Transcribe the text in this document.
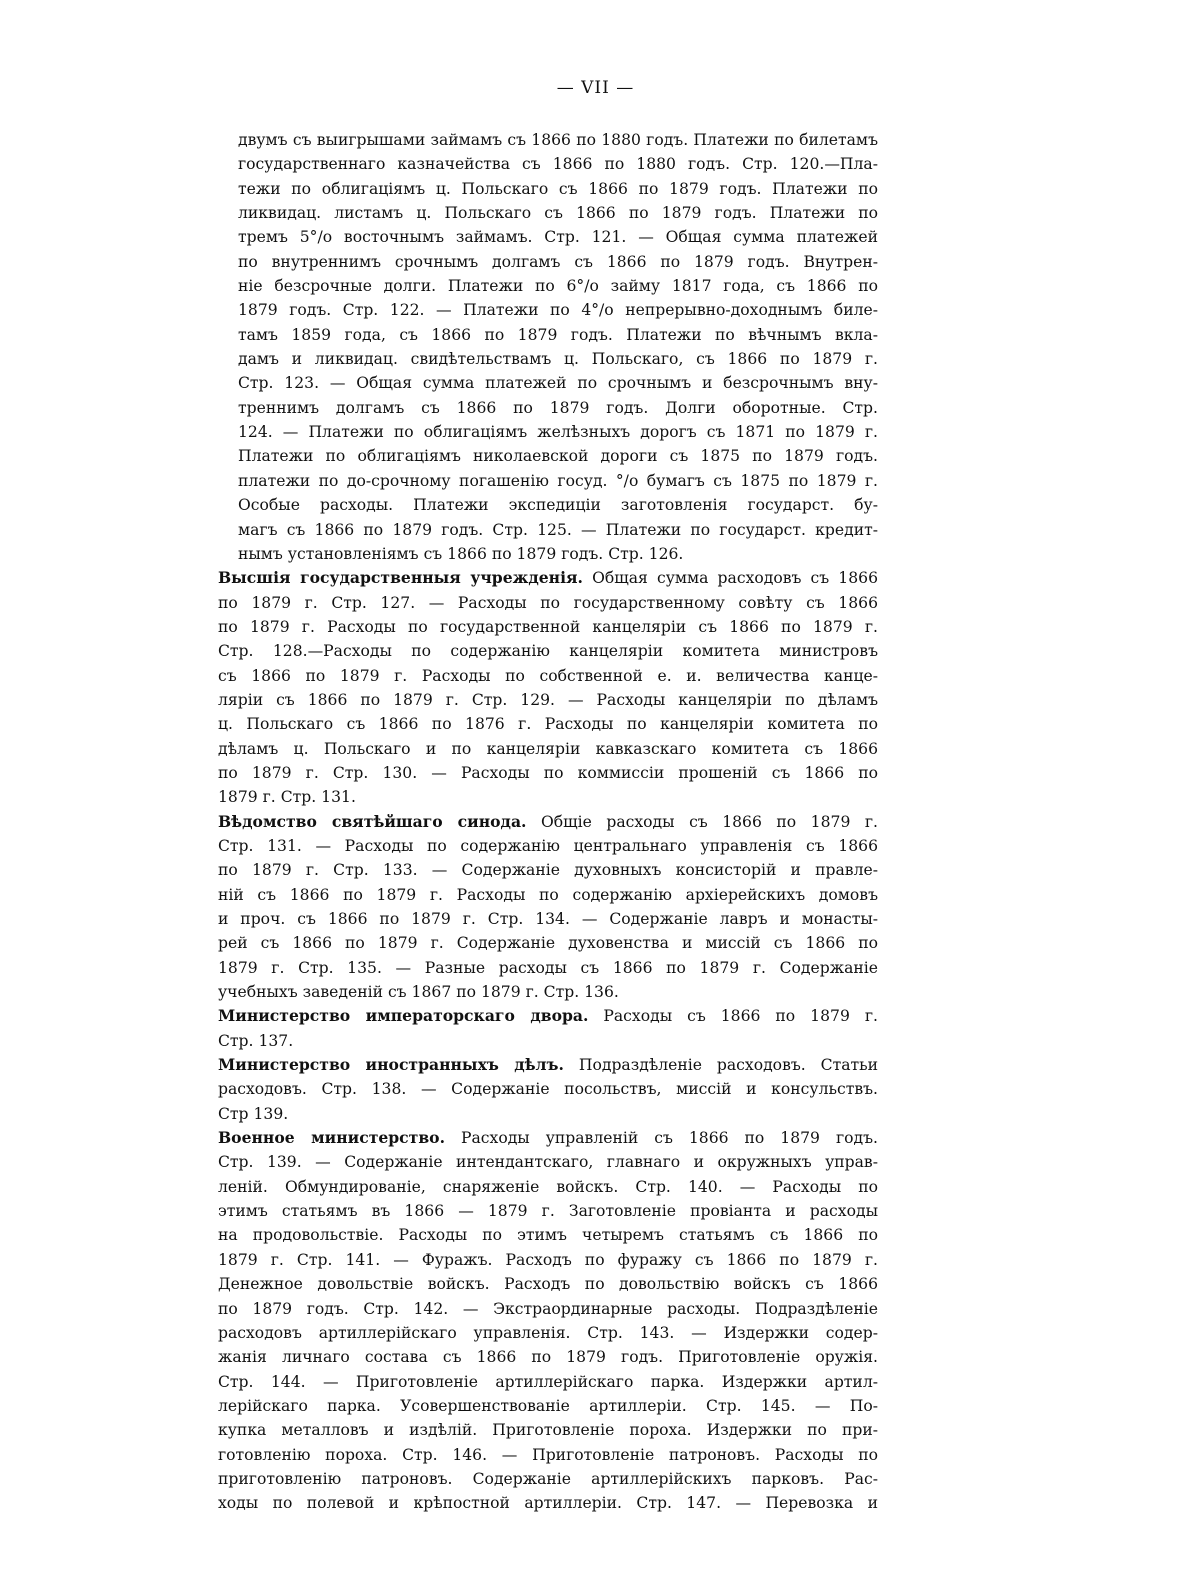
— VII —
двумъ съ выигрышами займамъ съ 1866 по 1880 годъ. Платежи по билетамъ
государственнаго казначейства съ 1866 по 1880 годъ. Стр. 120.—Пла-
тежи по облигаціямъ ц. Польскаго съ 1866 по 1879 годъ. Платежи по
ликвидац. листамъ ц. Польскаго съ 1866 по 1879 годъ. Платежи по
тремъ 5°/о восточнымъ займамъ. Стр. 121. — Общая сумма платежей
по внутреннимъ срочнымъ долгамъ съ 1866 по 1879 годъ. Внутрен-
ніе безсрочные долги. Платежи по 6°/о займу 1817 года, съ 1866 по
1879 годъ. Стр. 122. — Платежи по 4°/о непрерывно-доходнымъ биле-
тамъ 1859 года, съ 1866 по 1879 годъ. Платежи по вѣчнымъ вкла-
дамъ и ликвидац. свидѣтельствамъ ц. Польскаго, съ 1866 по 1879 г.
Стр. 123. — Общая сумма платежей по срочнымъ и безсрочнымъ вну-
треннимъ долгамъ съ 1866 по 1879 годъ. Долги оборотные. Стр.
124. — Платежи по облигаціямъ желѣзныхъ дорогъ съ 1871 по 1879 г.
Платежи по облигаціямъ николаевской дороги съ 1875 по 1879 годъ.
платежи по до-срочному погашенію госуд. °/о бумагъ съ 1875 по 1879 г.
Особые расходы. Платежи экспедиціи заготовленія государст. бу-
магъ съ 1866 по 1879 годъ. Стр. 125. — Платежи по государст. кредит-
нымъ установленіямъ съ 1866 по 1879 годъ. Стр. 126.
Высшія государственныя учрежденія. Общая сумма расходовъ съ 1866
по 1879 г. Стр. 127. — Расходы по государственному совѣту съ 1866
по 1879 г. Расходы по государственной канцеляріи съ 1866 по 1879 г.
Стр. 128.—Расходы по содержанію канцеляріи комитета министровъ
съ 1866 по 1879 г. Расходы по собственной е. и. величества канце-
ляріи съ 1866 по 1879 г. Стр. 129. — Расходы канцеляріи по дѣламъ
ц. Польскаго съ 1866 по 1876 г. Расходы по канцеляріи комитета по
дѣламъ ц. Польскаго и по канцеляріи кавказскаго комитета съ 1866
по 1879 г. Стр. 130. — Расходы по коммиссіи прошеній съ 1866 по
1879 г. Стр. 131.
Вѣдомство святѣйшаго синода. Общіе расходы съ 1866 по 1879 г.
Стр. 131. — Расходы по содержанію центральнаго управленія съ 1866
по 1879 г. Стр. 133. — Содержаніе духовныхъ консисторій и правле-
ній съ 1866 по 1879 г. Расходы по содержанію архіерейскихъ домовъ
и проч. съ 1866 по 1879 г. Стр. 134. — Содержаніе лавръ и монасты-
рей съ 1866 по 1879 г. Содержаніе духовенства и миссій съ 1866 по
1879 г. Стр. 135. — Разные расходы съ 1866 по 1879 г. Содержаніе
учебныхъ заведеній съ 1867 по 1879 г. Стр. 136.
Министерство императорскаго двора. Расходы съ 1866 по 1879 г.
Стр. 137.
Министерство иностранныхъ дѣлъ. Подраздѣленіе расходовъ. Статьи
расходовъ. Стр. 138. — Содержаніе посольствъ, миссій и консульствъ.
Стр 139.
Военное министерство. Расходы управленій съ 1866 по 1879 годъ.
Стр. 139. — Содержаніе интендантскаго, главнаго и окружныхъ управ-
леній. Обмундированіе, снаряженіе войскъ. Стр. 140. — Расходы по
этимъ статьямъ въ 1866 — 1879 г. Заготовленіе провіанта и расходы
на продовольствіе. Расходы по этимъ четыремъ статьямъ съ 1866 по
1879 г. Стр. 141. — Фуражъ. Расходъ по фуражу съ 1866 по 1879 г.
Денежное довольствіе войскъ. Расходъ по довольствію войскъ съ 1866
по 1879 годъ. Стр. 142. — Экстраординарные расходы. Подраздѣленіе
расходовъ артиллерійскаго управленія. Стр. 143. — Издержки содер-
жанія личнаго состава съ 1866 по 1879 годъ. Приготовленіе оружія.
Стр. 144. — Приготовленіе артиллерійскаго парка. Издержки артил-
лерійскаго парка. Усовершенствованіе артиллеріи. Стр. 145. — По-
купка металловъ и издѣлій. Приготовленіе пороха. Издержки по при-
готовленію пороха. Стр. 146. — Приготовленіе патроновъ. Расходы по
приготовленію патроновъ. Содержаніе артиллерійскихъ парковъ. Рас-
ходы по полевой и крѣпостной артиллеріи. Стр. 147. — Перевозка и
